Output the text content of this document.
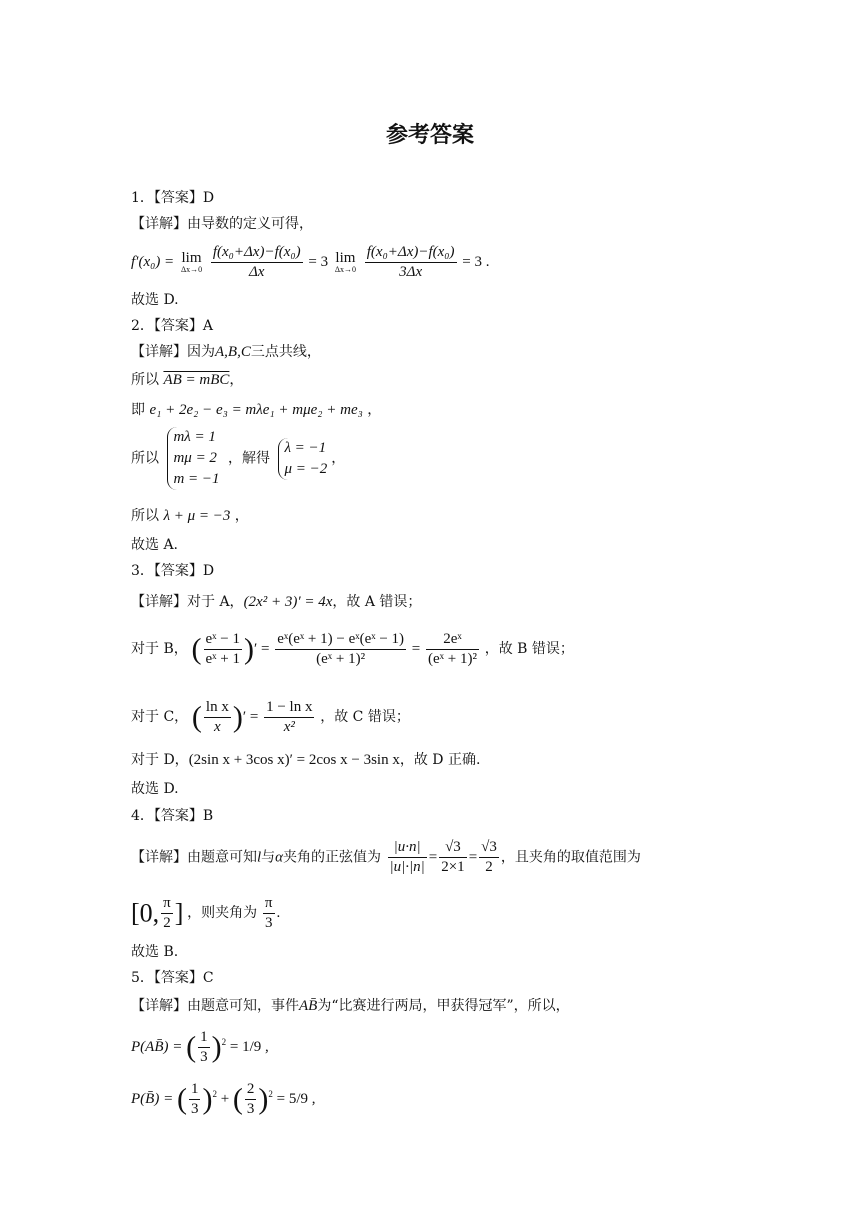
参考答案
1．【答案】D
【详解】由导数的定义可得，
f′(x₀) = lim
Δx→0
$\frac{\text{f(x₀+Δx)−f(x₀)}}{\Delta x} = 3$ lim
Δx→0
$\frac{\text{f(x₀+Δx)−f(x₀)}}{3\Delta x} = 3$ .
故选 D.
2．【答案】A
【详解】因为A,B,C三点共线，
所以 AB = mBC，
即 e₁ + 2e₂ − e₃ = mλe₁ + mμe₂ + me₃ ，
所以
mλ = 1
mμ = 2
m = −1
，解得
λ = −1
μ = −2
，
所以 λ + μ = −3 ，
故选 A.
3．【答案】D
【详解】对于 A，(2x² + 3)′ = 4x，故 A 错误；
对于 B， ( $\frac{\text{eˣ − 1}}{\text{eˣ + 1}}$ )′ = $\frac{\text{eˣ(eˣ + 1) − eˣ(eˣ − 1)}}{\text{(eˣ + 1)²}} = \frac{\text{2eˣ}}{\text{(eˣ + 1)²}}$ ，故 B 错误；
对于 C， ( $\frac{\text{ln x}}{x}$ )′ = $\frac{\text{1 − ln x}}{\text{x²}}$ ，故 C 错误；
对于 D，(2sin x + 3cos x)′ = 2cos x − 3sin x，故 D 正确.
故选 D.
4．【答案】B
【详解】由题意可知l与α夹角的正弦值为 $\frac{|u\cdot n|}{|u|\cdot|n|} = \frac{√3}{2\times 1} = \frac{√3}{2}$ ，且夹角的取值范围为
[0, $\frac{\pi}{2}$ ] ，则夹角为 $\frac{\pi}{3}$ .
故选 B.
5．【答案】C
【详解】由题意可知，事件AB̄为“比赛进行两局，甲获得冠军”，所以，
P(AB̄) = ( $\frac{1}{3} )^2 = 1/9$ ,
P(B̄) = ( $\frac{1}{3} )^2$ + ( $\frac{2}{3} )^2 = 5/9$ ,
